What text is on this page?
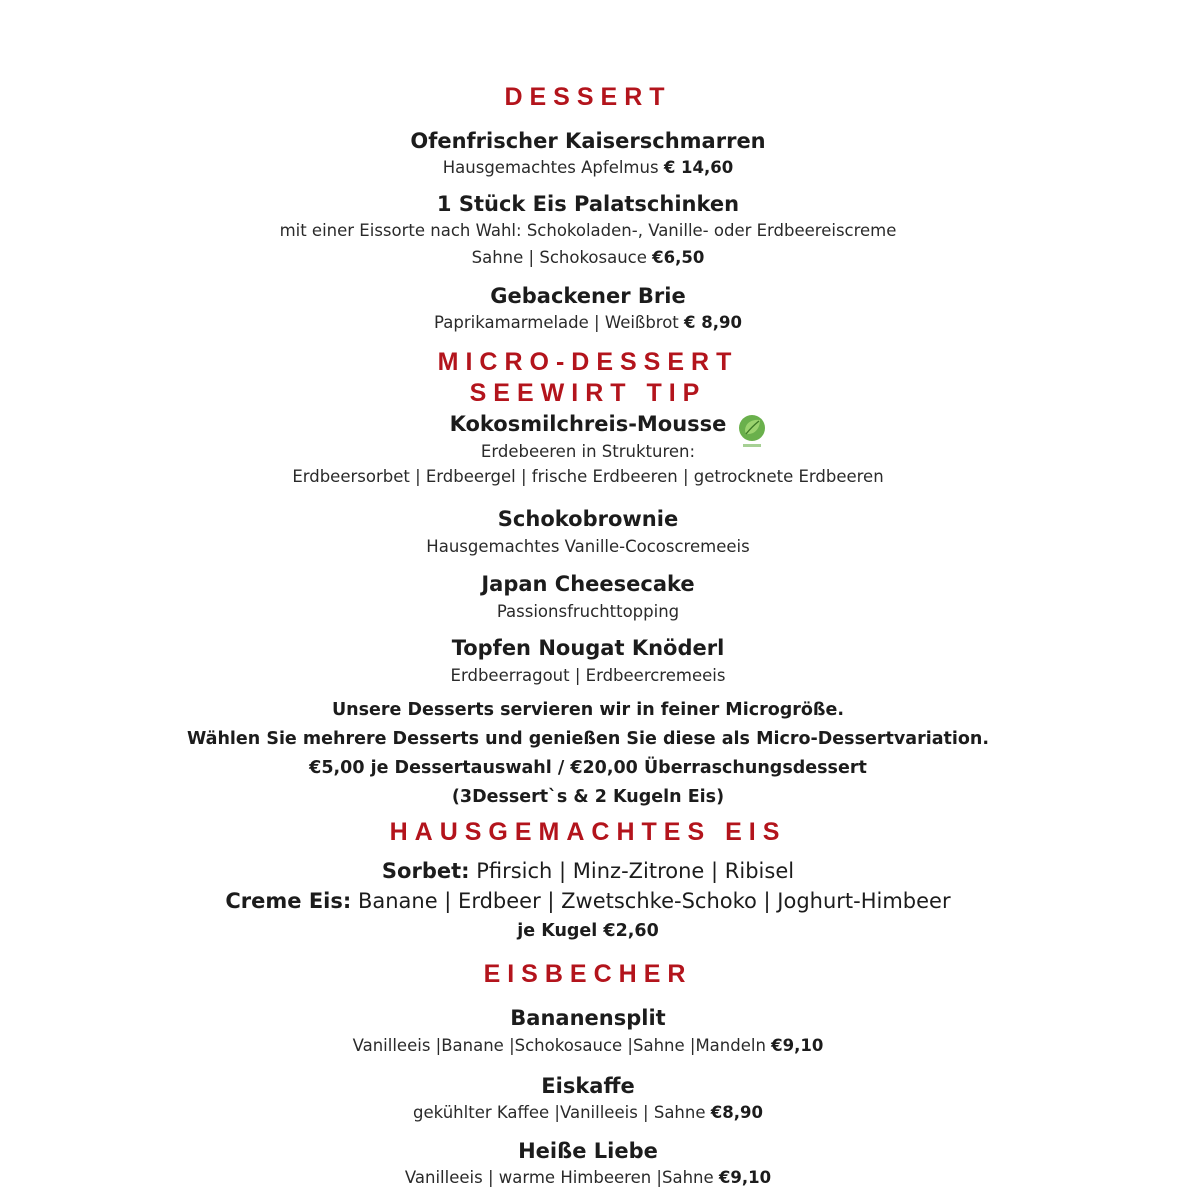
DESSERT
Ofenfrischer Kaiserschmarren
Hausgemachtes Apfelmus € 14,60
1 Stück Eis Palatschinken
mit einer Eissorte nach Wahl: Schokoladen-, Vanille- oder Erdbeereiscreme
Sahne | Schokosauce €6,50
Gebackener Brie
Paprikamarmelade | Weißbrot € 8,90
MICRO-DESSERT
SEEWIRT TIP
Kokosmilchreis-Mousse
Erdebeeren in Strukturen:
Erdbeersorbet | Erdbeergel | frische Erdbeeren | getrocknete Erdbeeren
Schokobrownie
Hausgemachtes Vanille-Cocoscremeeis
Japan Cheesecake
Passionsfruchttopping
Topfen Nougat Knöderl
Erdbeerragout | Erdbeercremeeis
Unsere Desserts servieren wir in feiner Microgröße.
Wählen Sie mehrere Desserts und genießen Sie diese als Micro-Dessertvariation.
€5,00 je Dessertauswahl / €20,00 Überraschungsdessert
(3Dessert`s & 2 Kugeln Eis)
HAUSGEMACHTES EIS
Sorbet: Pfirsich | Minz-Zitrone | Ribisel
Creme Eis: Banane | Erdbeer | Zwetschke-Schoko | Joghurt-Himbeer
je Kugel €2,60
EISBECHER
Bananensplit
Vanilleeis |Banane |Schokosauce |Sahne |Mandeln €9,10
Eiskaffe
gekühlter Kaffee |Vanilleeis | Sahne €8,90
Heiße Liebe
Vanilleeis | warme Himbeeren |Sahne €9,10
